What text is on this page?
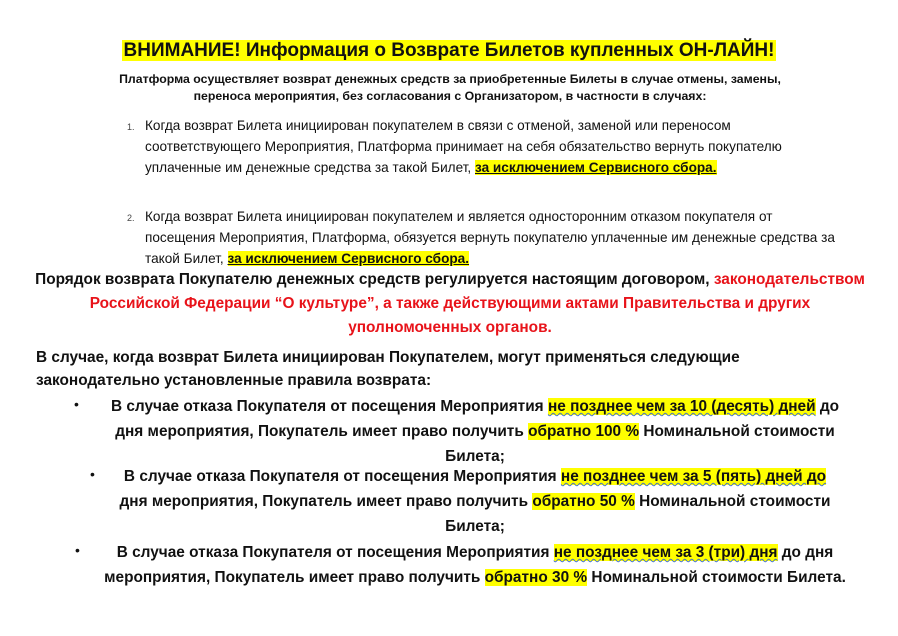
ВНИМАНИЕ! Информация о Возврате Билетов купленных ОН-ЛАЙН!
Платформа осуществляет возврат денежных средств за приобретенные Билеты в случае отмены, замены, переноса мероприятия, без согласования с Организатором, в частности в случаях:
1. Когда возврат Билета инициирован покупателем в связи с отменой, заменой или переносом соответствующего Мероприятия, Платформа принимает на себя обязательство вернуть покупателю уплаченные им денежные средства за такой Билет, за исключением Сервисного сбора.
2. Когда возврат Билета инициирован покупателем и является односторонним отказом покупателя от посещения Мероприятия, Платформа, обязуется вернуть покупателю уплаченные им денежные средства за такой Билет, за исключением Сервисного сбора.
Порядок возврата Покупателю денежных средств регулируется настоящим договором, законодательством Российской Федерации “О культуре”, а также действующими актами Правительства и других уполномоченных органов.
В случае, когда возврат Билета инициирован Покупателем, могут применяться следующие законодательно установленные правила возврата:
•	В случае отказа Покупателя от посещения Мероприятия не позднее чем за 10 (десять) дней до дня мероприятия, Покупатель имеет право получить обратно 100 % Номинальной стоимости Билета;
•	В случае отказа Покупателя от посещения Мероприятия не позднее чем за 5 (пять) дней до дня мероприятия, Покупатель имеет право получить обратно 50 % Номинальной стоимости Билета;
•	В случае отказа Покупателя от посещения Мероприятия не позднее чем за 3 (три) дня до дня мероприятия, Покупатель имеет право получить обратно 30 % Номинальной стоимости Билета.
